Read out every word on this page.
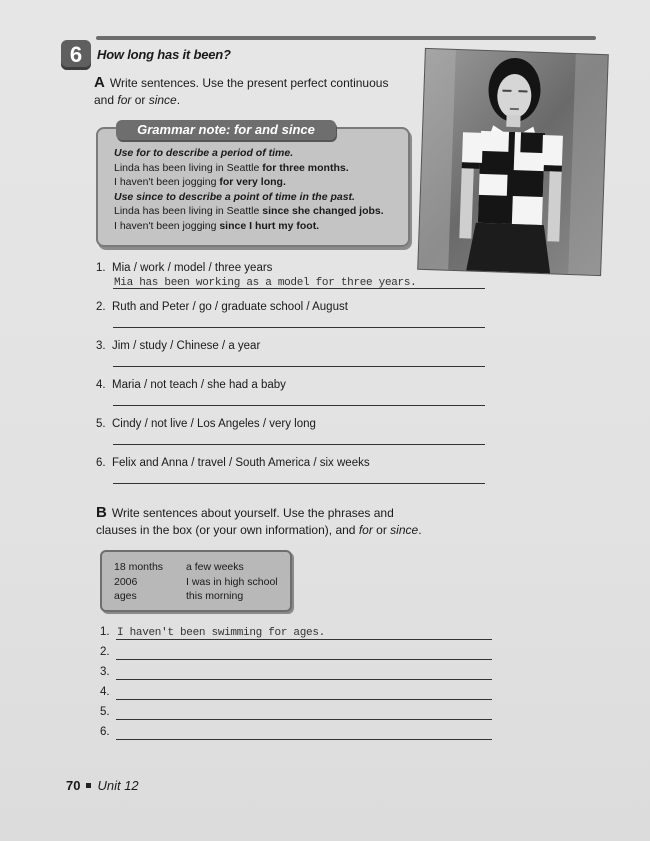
6	How long has it been?
A Write sentences. Use the present perfect continuous and for or since.
Grammar note: for and since
Use for to describe a period of time.
Linda has been living in Seattle for three months.
I haven't been jogging for very long.
Use since to describe a point of time in the past.
Linda has been living in Seattle since she changed jobs.
I haven't been jogging since I hurt my foot.
1. Mia / work / model / three years
Mia has been working as a model for three years.
2. Ruth and Peter / go / graduate school / August
3. Jim / study / Chinese / a year
4. Maria / not teach / she had a baby
5. Cindy / not live / Los Angeles / very long
6. Felix and Anna / travel / South America / six weeks
B Write sentences about yourself. Use the phrases and clauses in the box (or your own information), and for or since.
18 months
2006
ages
a few weeks
I was in high school
this morning
1. I haven't been swimming for ages.
2.
3.
4.
5.
6.
70 Unit 12
